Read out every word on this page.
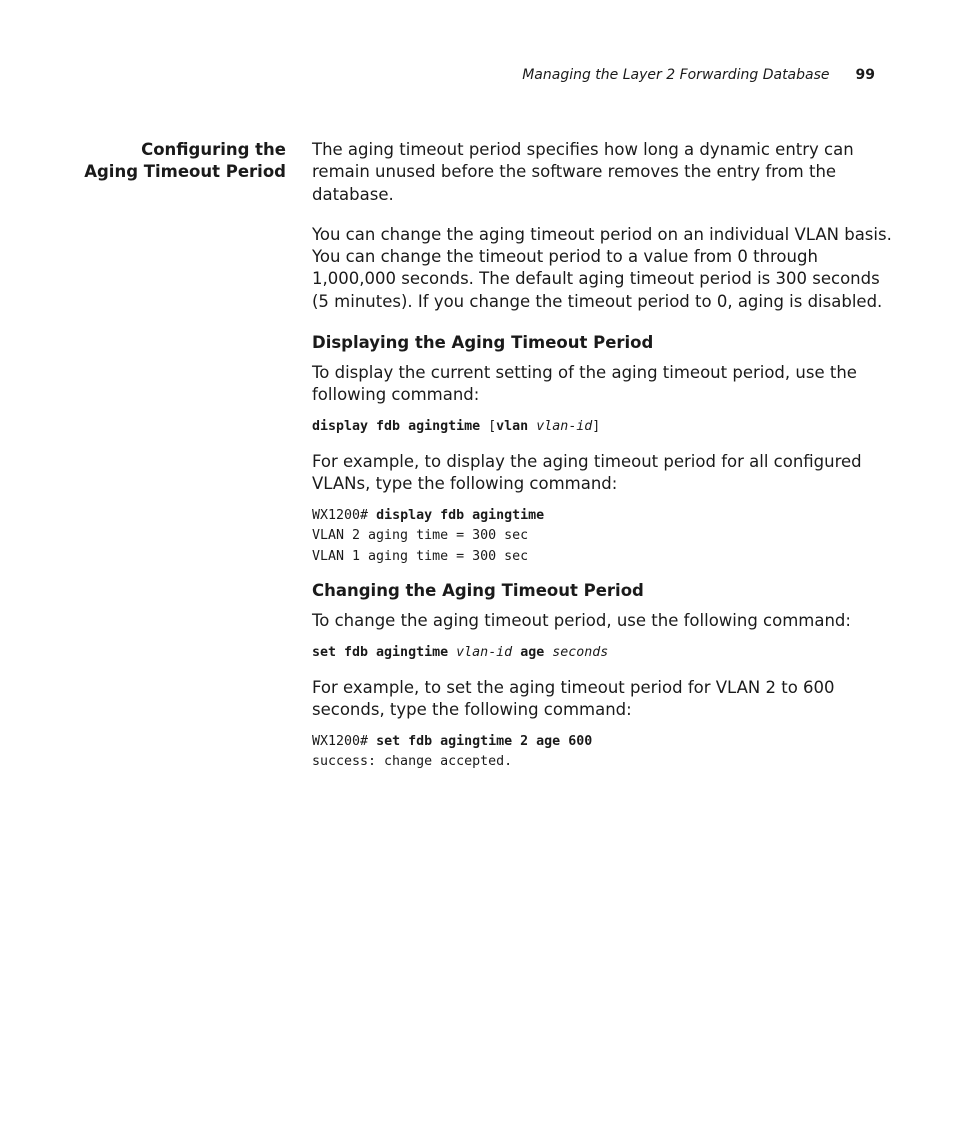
Managing the Layer 2 Forwarding Database 99
Configuring the
Aging Timeout Period

The aging timeout period specifies how long a dynamic entry can remain unused before the software removes the entry from the database.

You can change the aging timeout period on an individual VLAN basis. You can change the timeout period to a value from 0 through 1,000,000 seconds. The default aging timeout period is 300 seconds (5 minutes). If you change the timeout period to 0, aging is disabled.

Displaying the Aging Timeout Period

To display the current setting of the aging timeout period, use the following command:

display fdb agingtime [vlan vlan-id]

For example, to display the aging timeout period for all configured VLANs, type the following command:

WX1200# display fdb agingtime
VLAN 2 aging time = 300 sec
VLAN 1 aging time = 300 sec
Changing the Aging Timeout Period

To change the aging timeout period, use the following command:

set fdb agingtime vlan-id age seconds

For example, to set the aging timeout period for VLAN 2 to 600 seconds, type the following command:

WX1200# set fdb agingtime 2 age 600
success: change accepted.
